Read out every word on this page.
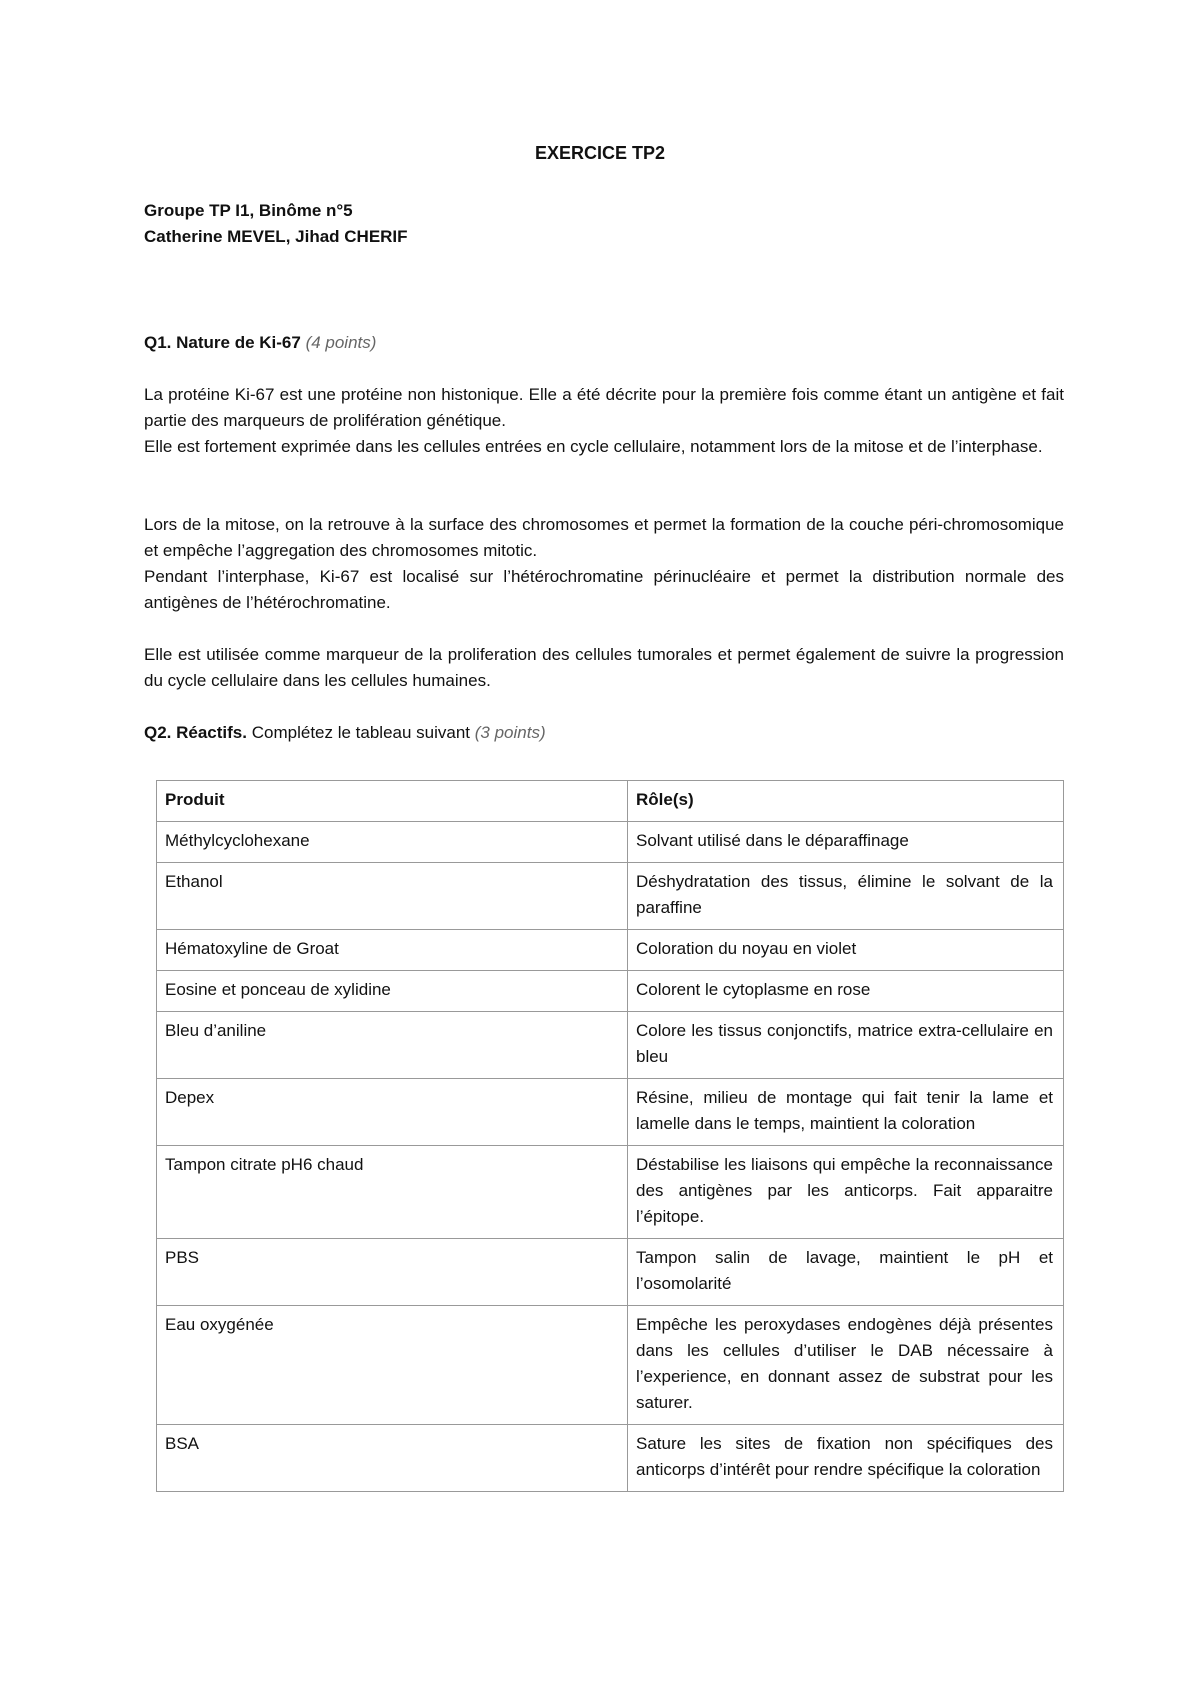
EXERCICE TP2
Groupe TP I1, Binôme n°5
Catherine MEVEL, Jihad CHERIF
Q1. Nature de Ki-67 (4 points)

La protéine Ki-67 est une protéine non histonique. Elle a été décrite pour la première fois comme étant un antigène et fait partie des marqueurs de prolifération génétique.

Elle est fortement exprimée dans les cellules entrées en cycle cellulaire, notamment lors de la mitose et de l’interphase.

Lors de la mitose, on la retrouve à la surface des chromosomes et permet la formation de la couche péri-chromosomique et empêche l’aggregation des chromosomes mitotic.

Pendant l’interphase, Ki-67 est localisé sur l’hétérochromatine périnucléaire et permet la distribution normale des antigènes de l’hétérochromatine.

Elle est utilisée comme marqueur de la proliferation des cellules tumorales et permet également de suivre la progression du cycle cellulaire dans les cellules humaines.

Q2. Réactifs. Complétez le tableau suivant (3 points)
Produit	Rôle(s)
Méthylcyclohexane	Solvant utilisé dans le déparaffinage
Ethanol	Déshydratation des tissus, élimine le solvant de la paraffine
Hématoxyline de Groat	Coloration du noyau en violet
Eosine et ponceau de xylidine	Colorent le cytoplasme en rose
Bleu d’aniline	Colore les tissus conjonctifs, matrice extra-cellulaire en bleu
Depex	Résine, milieu de montage qui fait tenir la lame et lamelle dans le temps, maintient la coloration
Tampon citrate pH6 chaud	Déstabilise les liaisons qui empêche la reconnaissance des antigènes par les anticorps. Fait apparaitre l’épitope.
PBS	Tampon salin de lavage, maintient le pH et l’osomolarité
Eau oxygénée	Empêche les peroxydases endogènes déjà présentes dans les cellules d’utiliser le DAB nécessaire à l’experience, en donnant assez de substrat pour les saturer.
BSA	Sature les sites de fixation non spécifiques des anticorps d’intérêt pour rendre spécifique la coloration
